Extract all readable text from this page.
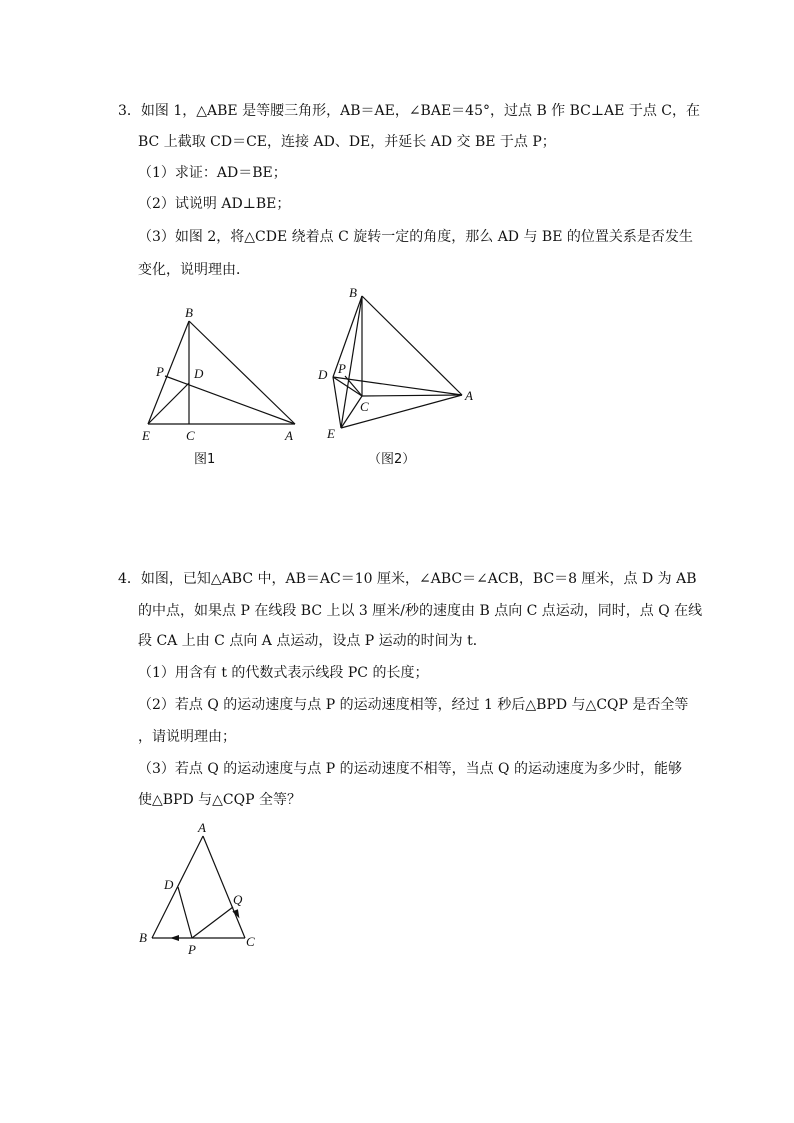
3．如图 1，△ABE 是等腰三角形，AB＝AE，∠BAE＝45°，过点 B 作 BC⊥AE 于点 C，在
BC 上截取 CD＝CE，连接 AD、DE，并延长 AD 交 BE 于点 P；
（1）求证：AD＝BE；
（2）试说明 AD⊥BE；
（3）如图 2，将△CDE 绕着点 C 旋转一定的角度，那么 AD 与 BE 的位置关系是否发生
变化，说明理由．
B
P D
E	C	A
图1
B
D P
C
A
E
（图2）
4．如图，已知△ABC 中，AB＝AC＝10 厘米，∠ABC＝∠ACB，BC＝8 厘米，点 D 为 AB
的中点，如果点 P 在线段 BC 上以 3 厘米/秒的速度由 B 点向 C 点运动，同时，点 Q 在线
段 CA 上由 C 点向 A 点运动，设点 P 运动的时间为 t．
（1）用含有 t 的代数式表示线段 PC 的长度；
（2）若点 Q 的运动速度与点 P 的运动速度相等，经过 1 秒后△BPD 与△CQP 是否全等
，请说明理由；
（3）若点 Q 的运动速度与点 P 的运动速度不相等，当点 Q 的运动速度为多少时，能够
使△BPD 与△CQP 全等？
A
D
Q
B
P
C
